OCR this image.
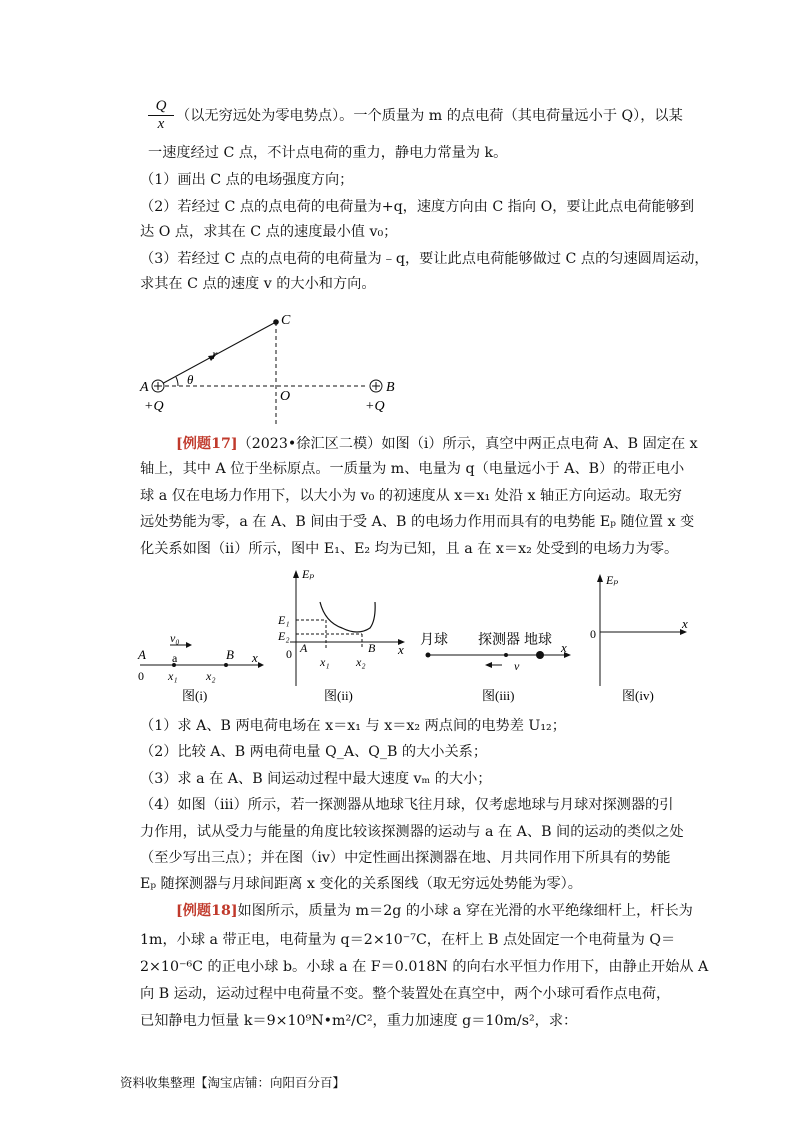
$\frac{Q}{x}$ （以无穷远处为零电势点）。一个质量为 m 的点电荷（其电荷量远小于 Q），以某
一速度经过 C 点，不计点电荷的重力，静电力常量为 k。
（1）画出 C 点的电场强度方向；
（2）若经过 C 点的点电荷的电荷量为+q，速度方向由 C 指向 O，要让此点电荷能够到
达 O 点，求其在 C 点的速度最小值 v₀；
（3）若经过 C 点的点电荷的电荷量为﹣q，要让此点电荷能够做过 C 点的匀速圆周运动，
求其在 C 点的速度 v 的大小和方向。
C
r
θ
A	B
O
+Q	+Q
[例题17]（2023•徐汇区二模）如图（i）所示，真空中两正点电荷 A、B 固定在 x
轴上，其中 A 位于坐标原点。一质量为 m、电量为 q（电量远小于 A、B）的带正电小
球 a 仅在电场力作用下，以大小为 v₀ 的初速度从 x＝x₁ 处沿 x 轴正方向运动。取无穷
远处势能为零，a 在 A、B 间由于受 A、B 的电场力作用而具有的电势能 Eₚ 随位置 x 变
化关系如图（ii）所示，图中 E₁、E₂ 均为已知，且 a 在 x＝x₂ 处受到的电场力为零。
A
v₀
a	B x
0 x₁ x₂
图(i)
Eₚ
E₁
E₂
A	B
0	x
x₁ x₂
图(ii)
月球 探测器 地球
v
x
图(iii)
Eₚ
0
x
图(iv)
（1）求 A、B 两电荷电场在 x＝x₁ 与 x＝x₂ 两点间的电势差 U₁₂；
（2）比较 A、B 两电荷电量 Q_A、Q_B 的大小关系；
（3）求 a 在 A、B 间运动过程中最大速度 vₘ 的大小；
（4）如图（iii）所示，若一探测器从地球飞往月球，仅考虑地球与月球对探测器的引
力作用，试从受力与能量的角度比较该探测器的运动与 a 在 A、B 间的运动的类似之处
（至少写出三点）；并在图（iv）中定性画出探测器在地、月共同作用下所具有的势能
Eₚ 随探测器与月球间距离 x 变化的关系图线（取无穷远处势能为零）。
[例题18]如图所示，质量为 m＝2g 的小球 a 穿在光滑的水平绝缘细杆上，杆长为
1m，小球 a 带正电，电荷量为 q＝2×10⁻⁷C，在杆上 B 点处固定一个电荷量为 Q＝
2×10⁻⁶C 的正电小球 b。小球 a 在 F＝0.018N 的向右水平恒力作用下，由静止开始从 A
向 B 运动，运动过程中电荷量不变。整个装置处在真空中，两个小球可看作点电荷，
已知静电力恒量 k＝9×10⁹N•m²/C²，重力加速度 g＝10m/s²，求：
资料收集整理【淘宝店铺：向阳百分百】
